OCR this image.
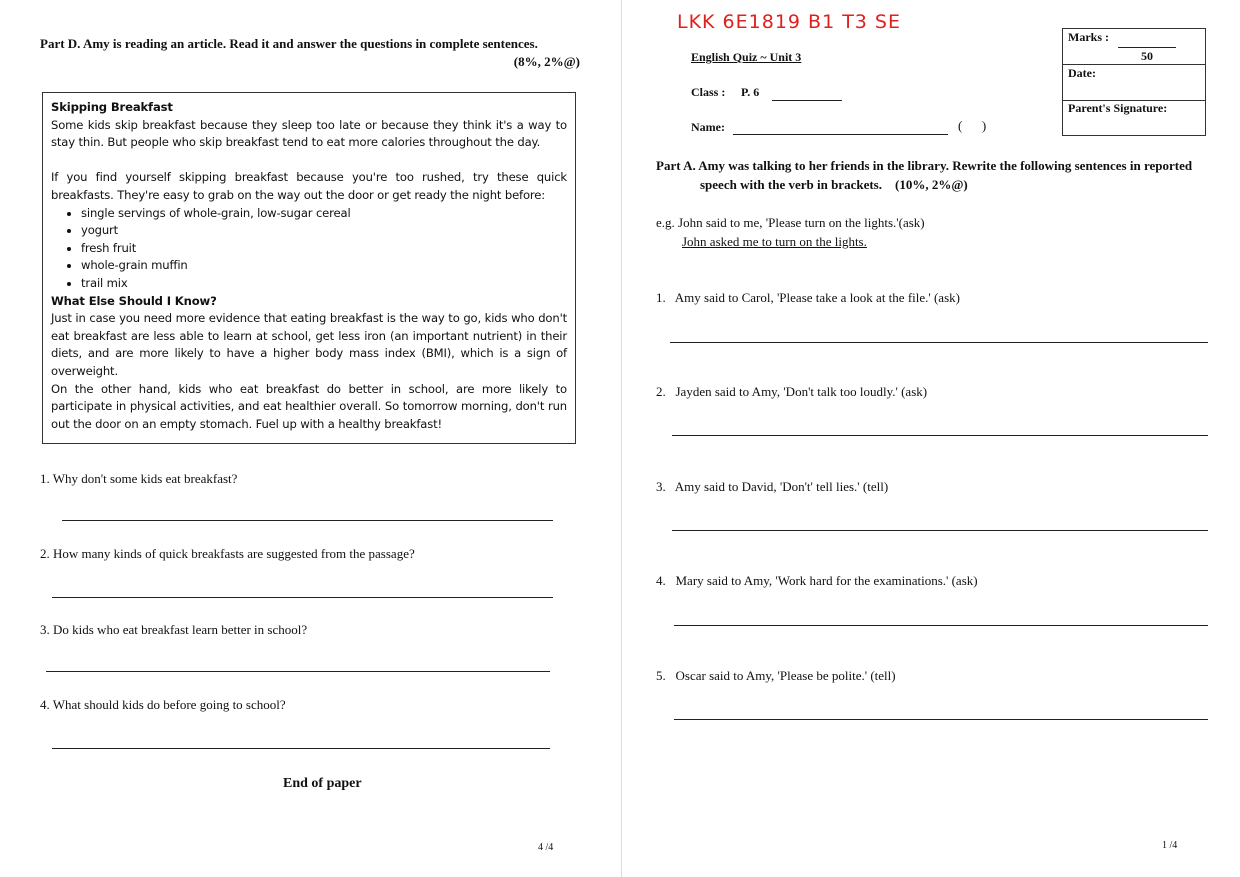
Part D. Amy is reading an article. Read it and answer the questions in complete sentences.
(8%, 2%@)

Skipping Breakfast

Some kids skip breakfast because they sleep too late or because they think it's a way to stay thin. But people who skip breakfast tend to eat more calories throughout the day.

If you find yourself skipping breakfast because you're too rushed, try these quick breakfasts. They're easy to grab on the way out the door or get ready the night before:

• single servings of whole-grain, low-sugar cereal
• yogurt
• fresh fruit
• whole-grain muffin
• trail mix

What Else Should I Know?

Just in case you need more evidence that eating breakfast is the way to go, kids who don't eat breakfast are less able to learn at school, get less iron (an important nutrient) in their diets, and are more likely to have a higher body mass index (BMI), which is a sign of overweight.

On the other hand, kids who eat breakfast do better in school, are more likely to participate in physical activities, and eat healthier overall. So tomorrow morning, don't run out the door on an empty stomach. Fuel up with a healthy breakfast!

1. Why don't some kids eat breakfast?
2. How many kinds of quick breakfasts are suggested from the passage?
3. Do kids who eat breakfast learn better in school?
4. What should kids do before going to school?
End of paper
4 /4
LKK 6E1819 B1 T3 SE
English Quiz ~ Unit 3
Class : P. 6
Name:	(      )
Marks :
50
Date:
Parent's Signature:
Part A. Amy was talking to her friends in the library. Rewrite the following sentences in reported
speech with the verb in brackets.    (10%, 2%@)
e.g. John said to me, 'Please turn on the lights.'(ask)
John asked me to turn on the lights.
1.   Amy said to Carol, 'Please take a look at the file.' (ask)
2.   Jayden said to Amy, 'Don't talk too loudly.' (ask)
3.   Amy said to David, 'Don't' tell lies.' (tell)
4.   Mary said to Amy, 'Work hard for the examinations.' (ask)
5.   Oscar said to Amy, 'Please be polite.' (tell)
1 /4
